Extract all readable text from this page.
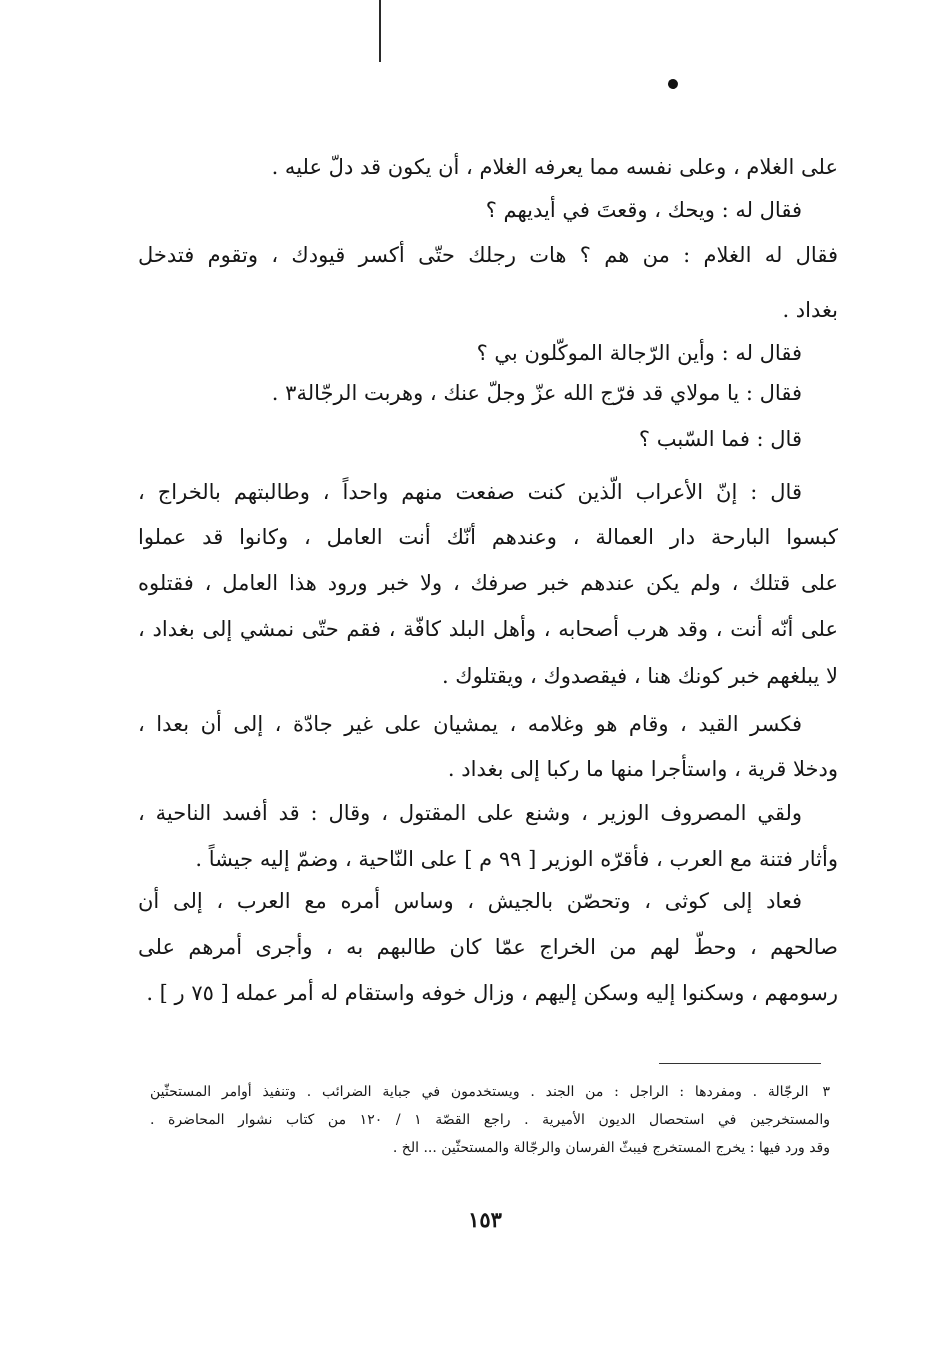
على الغلام ، وعلى نفسه مما يعرفه الغلام ، أن يكون قد دلّ عليه .
فقال له : ويحك ، وقعتَ في أيديهم ؟
فقال له الغلام : من هم ؟ هات رجلك حتّى أكسر قيودك ، وتقوم فتدخل
بغداد .
فقال له : وأين الرّجالة الموكّلون بي ؟
فقال : يا مولاي قد فرّج الله عزّ وجلّ عنك ، وهربت الرجّالة٣ .
قال : فما السّبب ؟
قال : إنّ الأعراب الّذين كنت صفعت منهم واحداً ، وطالبتهم بالخراج ،
كبسوا البارحة دار العمالة ، وعندهم أنّك أنت العامل ، وكانوا قد عملوا
على قتلك ، ولم يكن عندهم خبر صرفك ، ولا خبر ورود هذا العامل ، فقتلوه
على أنّه أنت ، وقد هرب أصحابه ، وأهل البلد كافّة ، فقم حتّى نمشي إلى بغداد ،
لا يبلغهم خبر كونك هنا ، فيقصدوك ، ويقتلوك .
فكسر القيد ، وقام هو وغلامه ، يمشيان على غير جادّة ، إلى أن بعدا ،
ودخلا قرية ، واستأجرا منها ما ركبا إلى بغداد .
ولقي المصروف الوزير ، وشنع على المقتول ، وقال : قد أفسد الناحية ،
وأثار فتنة مع العرب ، فأقرّه الوزير [ ٩٩ م ] على النّاحية ، وضمّ إليه جيشاً .
فعاد إلى كوثى ، وتحصّن بالجيش ، وساس أمره مع العرب ، إلى أن
صالحهم ، وحطّ لهم من الخراج عمّا كان طالبهم به ، وأجرى أمرهم على
رسومهم ، وسكنوا إليه وسكن إليهم ، وزال خوفه واستقام له أمر عمله [ ٧٥ ر ] .
٣الرجّالة . ومفردها : الراجل : من الجند . ويستخدمون في جباية الضرائب . وتنفيذ أوامر المستحثّين
والمستخرجين في استحصال الديون الأميرية . راجع القصّة ١ / ١٢٠ من كتاب نشوار المحاضرة .
وقد ورد فيها : يخرج المستخرج فيبثّ الفرسان والرجّالة والمستحثّين ... الخ .
١٥٣
